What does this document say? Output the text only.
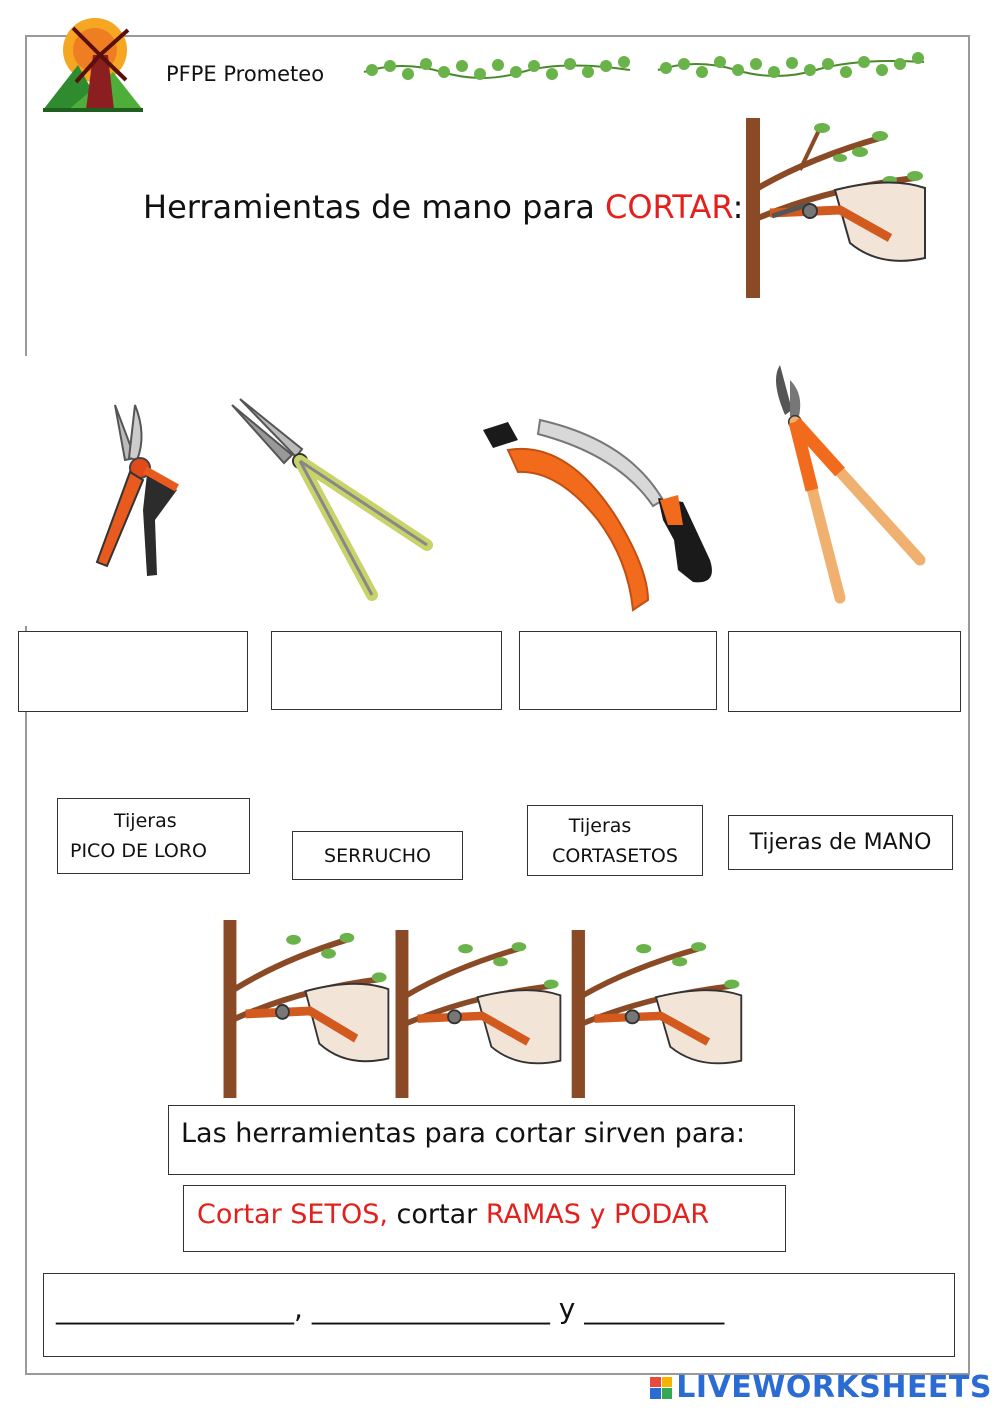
PFPE Prometeo
Herramientas de mano para CORTAR:
Tijeras
PICO DE LORO	SERRUCHO
Tijeras
CORTASETOS
Tijeras de MANO
Las herramientas para cortar sirven para:
Cortar SETOS, cortar RAMAS y PODAR
_________________, _________________ y __________
LIVEWORKSHEETS
